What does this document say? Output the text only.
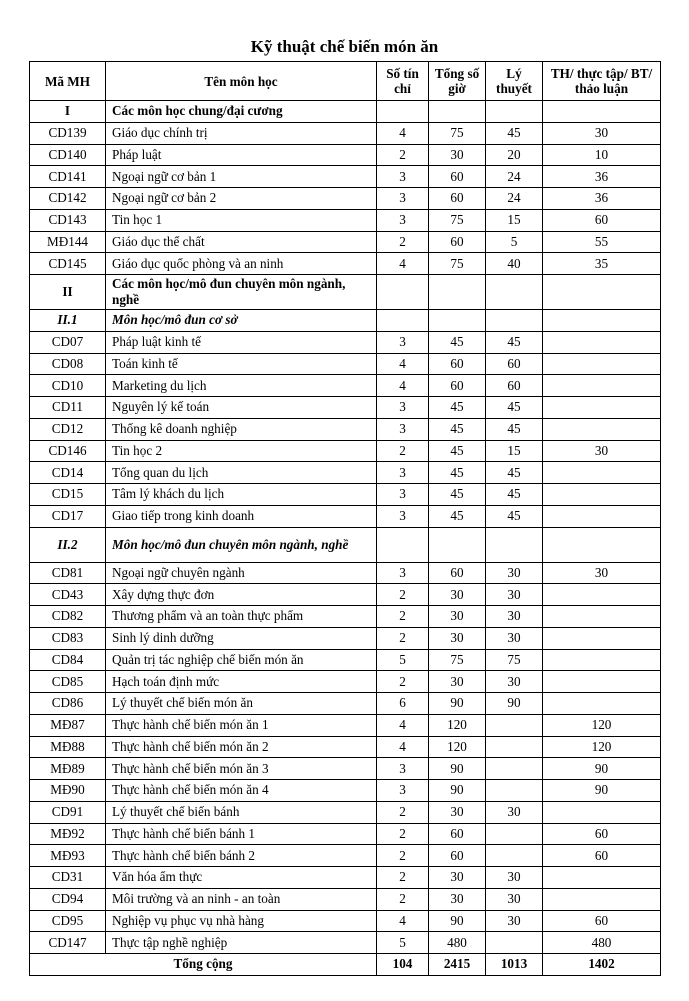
Kỹ thuật chế biến món ăn
Mã MH	Tên môn học	Số tín chỉ	Tổng số giờ	Lý thuyết	TH/ thực tập/ BT/ thảo luận
I	Các môn học chung/đại cương				
CD139	Giáo dục chính trị	4	75	45	30
CD140	Pháp luật	2	30	20	10
CD141	Ngoại ngữ cơ bản 1	3	60	24	36
CD142	Ngoại ngữ cơ bản 2	3	60	24	36
CD143	Tin học 1	3	75	15	60
MĐ144	Giáo dục thể chất	2	60	5	55
CD145	Giáo dục quốc phòng và an ninh	4	75	40	35
II	Các môn học/mô đun chuyên môn ngành, nghề				
II.1	Môn học/mô đun cơ sở				
CD07	Pháp luật kinh tế	3	45	45	
CD08	Toán kinh tế	4	60	60	
CD10	Marketing du lịch	4	60	60	
CD11	Nguyên lý kế toán	3	45	45	
CD12	Thống kê doanh nghiệp	3	45	45	
CD146	Tin học 2	2	45	15	30
CD14	Tổng quan du lịch	3	45	45	
CD15	Tâm lý khách du lịch	3	45	45	
CD17	Giao tiếp trong kinh doanh	3	45	45	
II.2	Môn học/mô đun chuyên môn ngành, nghề				
CD81	Ngoại ngữ chuyên ngành	3	60	30	30
CD43	Xây dựng thực đơn	2	30	30	
CD82	Thương phẩm và an toàn thực phẩm	2	30	30	
CD83	Sinh lý dinh dưỡng	2	30	30	
CD84	Quản trị tác nghiệp chế biến món ăn	5	75	75	
CD85	Hạch toán định mức	2	30	30	
CD86	Lý thuyết chế biến món ăn	6	90	90	
MĐ87	Thực hành chế biến món ăn 1	4	120		120
MĐ88	Thực hành chế biến món ăn 2	4	120		120
MĐ89	Thực hành chế biến món ăn 3	3	90		90
MĐ90	Thực hành chế biến món ăn 4	3	90		90
CD91	Lý thuyết chế biến bánh	2	30	30	
MĐ92	Thực hành chế biến bánh 1	2	60		60
MĐ93	Thực hành chế biến bánh 2	2	60		60
CD31	Văn hóa ẩm thực	2	30	30	
CD94	Môi trường và an ninh - an toàn	2	30	30	
CD95	Nghiệp vụ phục vụ nhà hàng	4	90	30	60
CD147	Thực tập nghề nghiệp	5	480		480
Tổng cộng		104	2415	1013	1402
